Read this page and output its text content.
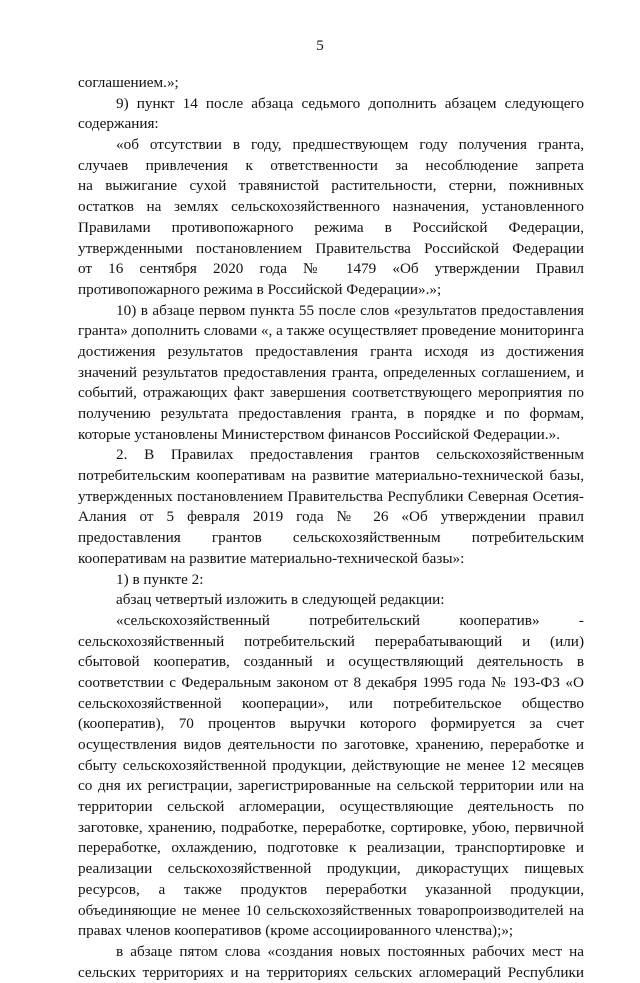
5
соглашением.»;
9) пункт 14 после абзаца седьмого дополнить абзацем следующего
содержания:
«об отсутствии в году, предшествующем году получения гранта,
случаев привлечения к ответственности за несоблюдение запрета
на выжигание сухой травянистой растительности, стерни, пожнивных
остатков на землях сельскохозяйственного назначения, установленного
Правилами противопожарного режима в Российской Федерации,
утвержденными постановлением Правительства Российской Федерации
от 16 сентября 2020 года № 1479 «Об утверждении Правил
противопожарного режима в Российской Федерации».»;
10) в абзаце первом пункта 55 после слов «результатов предоставления
гранта» дополнить словами «, а также осуществляет проведение мониторинга
достижения результатов предоставления гранта исходя из достижения
значений результатов предоставления гранта, определенных соглашением, и
событий, отражающих факт завершения соответствующего мероприятия по
получению результата предоставления гранта, в порядке и по формам,
которые установлены Министерством финансов Российской Федерации.».
2. В Правилах предоставления грантов сельскохозяйственным
потребительским кооперативам на развитие материально-технической базы,
утвержденных постановлением Правительства Республики Северная Осетия-
Алания от 5 февраля 2019 года № 26 «Об утверждении правил
предоставления грантов сельскохозяйственным потребительским
кооперативам на развитие материально-технической базы»:
1) в пункте 2:
абзац четвертый изложить в следующей редакции:
«сельскохозяйственный потребительский кооператив» -
сельскохозяйственный потребительский перерабатывающий и (или)
сбытовой кооператив, созданный и осуществляющий деятельность в
соответствии с Федеральным законом от 8 декабря 1995 года № 193-ФЗ «О
сельскохозяйственной кооперации», или потребительское общество
(кооператив), 70 процентов выручки которого формируется за счет
осуществления видов деятельности по заготовке, хранению, переработке и
сбыту сельскохозяйственной продукции, действующие не менее 12 месяцев
со дня их регистрации, зарегистрированные на сельской территории или на
территории сельской агломерации, осуществляющие деятельность по
заготовке, хранению, подработке, переработке, сортировке, убою, первичной
переработке, охлаждению, подготовке к реализации, транспортировке и
реализации сельскохозяйственной продукции, дикорастущих пищевых
ресурсов, а также продуктов переработки указанной продукции,
объединяющие не менее 10 сельскохозяйственных товаропроизводителей на
правах членов кооперативов (кроме ассоциированного членства);»;
в абзаце пятом слова «создания новых постоянных рабочих мест на
сельских территориях и на территориях сельских агломераций Республики
